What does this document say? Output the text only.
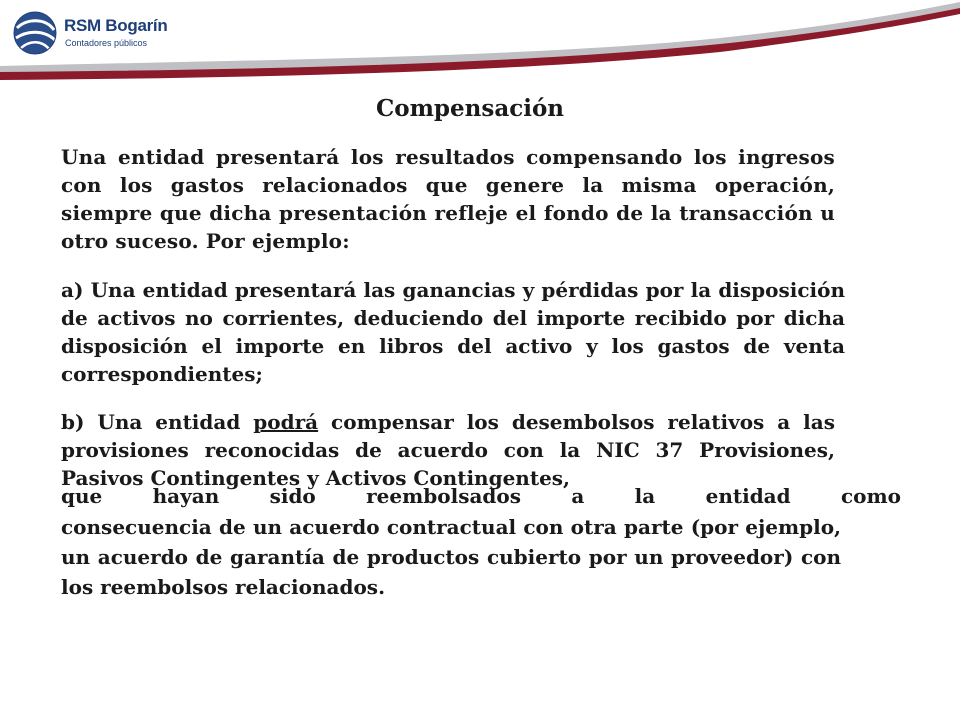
RSM Bogarín
Contadores públicos
Compensación
Una entidad presentará los resultados compensando los ingresos con los gastos relacionados que genere la misma operación, siempre que dicha presentación refleje el fondo de la transacción u otro suceso. Por ejemplo:
a) Una entidad presentará las ganancias y pérdidas por la disposición de activos no corrientes, deduciendo del importe recibido por dicha disposición el importe en libros del activo y los gastos de venta correspondientes;
b) Una entidad podrá compensar los desembolsos relativos a las provisiones reconocidas de acuerdo con la NIC 37 Provisiones, Pasivos Contingentes y Activos Contingentes,
que hayan sido reembolsados a la entidad como
consecuencia de un acuerdo contractual con otra parte (por ejemplo, un acuerdo de garantía de productos cubierto por un proveedor) con los reembolsos relacionados.
